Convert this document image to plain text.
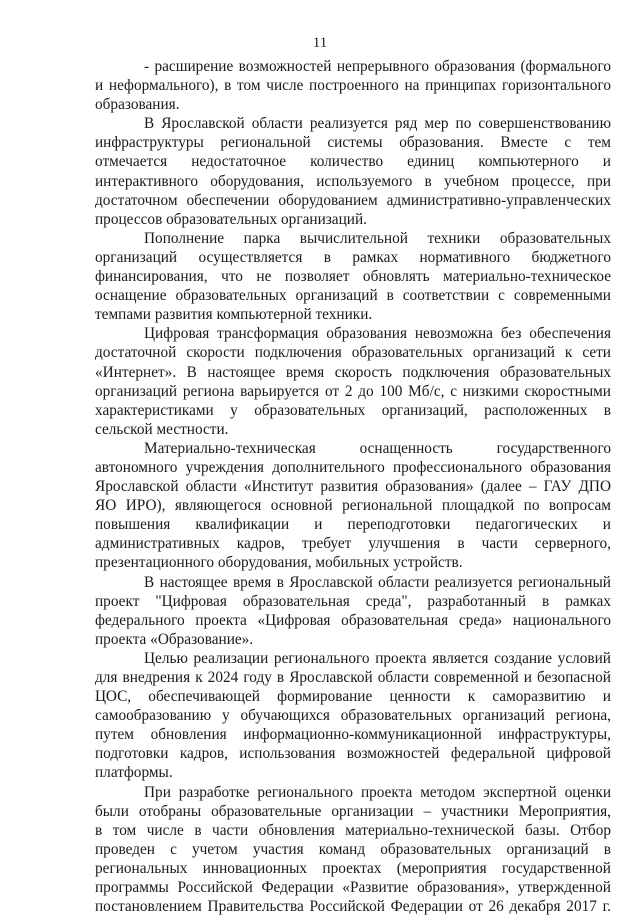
11
- расширение возможностей непрерывного образования (формального
и неформального), в том числе построенного на принципах горизонтального
образования.
В Ярославской области реализуется ряд мер по совершенствованию
инфраструктуры региональной системы образования. Вместе с тем
отмечается недостаточное количество единиц компьютерного и
интерактивного оборудования, используемого в учебном процессе, при
достаточном обеспечении оборудованием административно-управленческих
процессов образовательных организаций.
Пополнение парка вычислительной техники образовательных
организаций осуществляется в рамках нормативного бюджетного
финансирования, что не позволяет обновлять материально-техническое
оснащение образовательных организаций в соответствии с современными
темпами развития компьютерной техники.
Цифровая трансформация образования невозможна без обеспечения
достаточной скорости подключения образовательных организаций к сети
«Интернет». В настоящее время скорость подключения образовательных
организаций региона варьируется от 2 до 100 Мб/с, с низкими скоростными
характеристиками у образовательных организаций, расположенных в
сельской местности.
Материально-техническая оснащенность государственного
автономного учреждения дополнительного профессионального образования
Ярославской области «Институт развития образования» (далее – ГАУ ДПО
ЯО ИРО), являющегося основной региональной площадкой по вопросам
повышения квалификации и переподготовки педагогических и
административных кадров, требует улучшения в части серверного,
презентационного оборудования, мобильных устройств.
В настоящее время в Ярославской области реализуется региональный
проект "Цифровая образовательная среда", разработанный в рамках
федерального проекта «Цифровая образовательная среда» национального
проекта «Образование».
Целью реализации регионального проекта является создание условий
для внедрения к 2024 году в Ярославской области современной и безопасной
ЦОС, обеспечивающей формирование ценности к саморазвитию и
самообразованию у обучающихся образовательных организаций региона,
путем обновления информационно-коммуникационной инфраструктуры,
подготовки кадров, использования возможностей федеральной цифровой
платформы.
При разработке регионального проекта методом экспертной оценки
были отобраны образовательные организации – участники Мероприятия,
в том числе в части обновления материально-технической базы. Отбор
проведен с учетом участия команд образовательных организаций в
региональных инновационных проектах (мероприятия государственной
программы Российской Федерации «Развитие образования», утвержденной
постановлением Правительства Российской Федерации от 26 декабря 2017 г.
